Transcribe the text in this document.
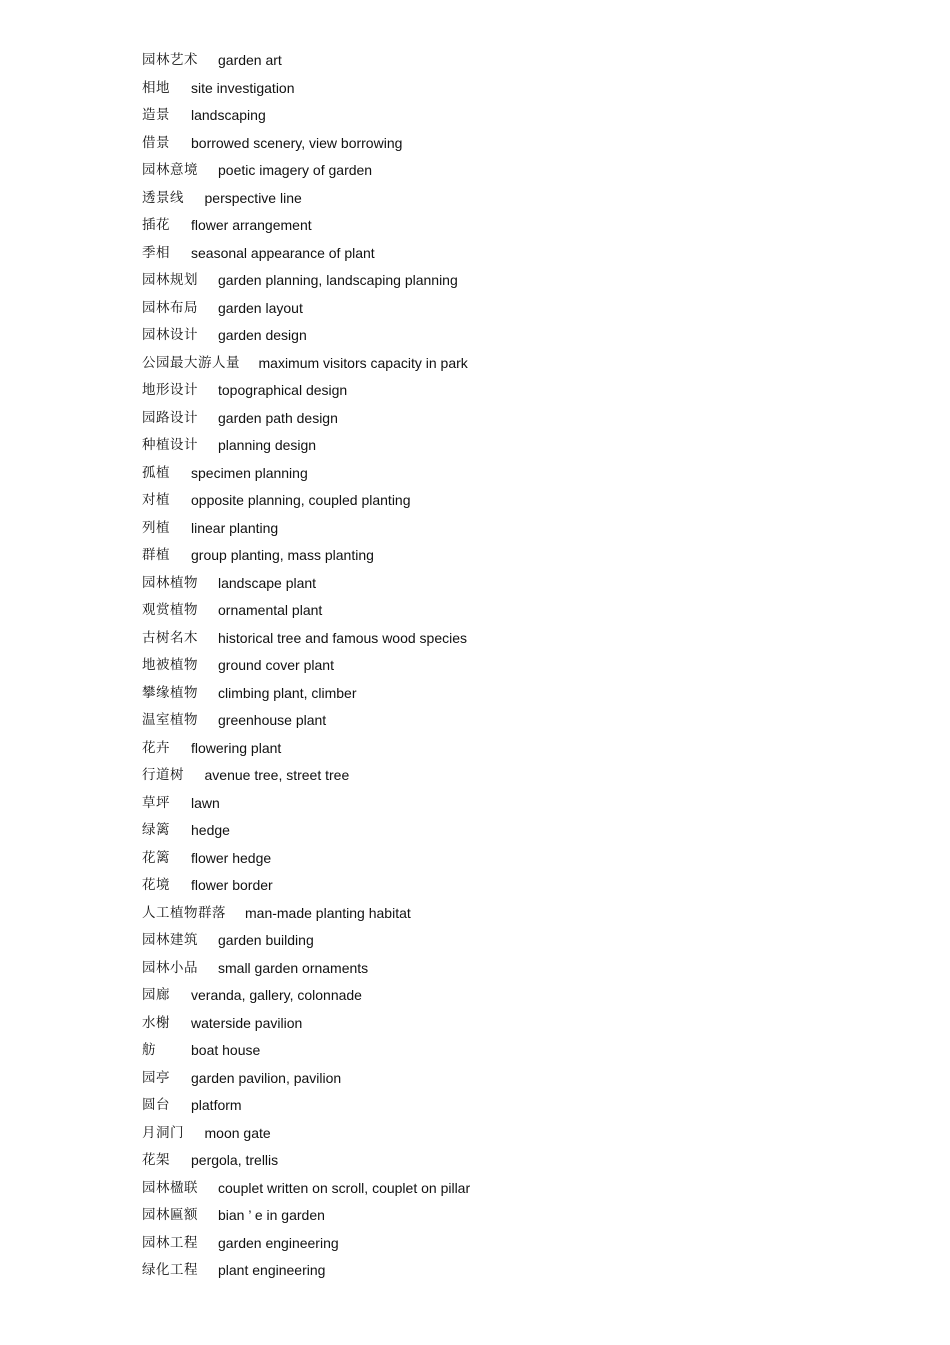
园林艺术 garden art
相地 site investigation
造景 landscaping
借景 borrowed scenery, view borrowing
园林意境 poetic imagery of garden
透景线 perspective line
插花 flower arrangement
季相 seasonal appearance of plant
园林规划 garden planning, landscaping planning
园林布局 garden layout
园林设计 garden design
公园最大游人量 maximum visitors capacity in park
地形设计 topographical design
园路设计 garden path design
种植设计 planning design
孤植 specimen planning
对植 opposite planning, coupled planting
列植 linear planting
群植 group planting, mass planting
园林植物 landscape plant
观赏植物 ornamental plant
古树名木 historical tree and famous wood species
地被植物 ground cover plant
攀缘植物 climbing plant, climber
温室植物 greenhouse plant
花卉 flowering plant
行道树 avenue tree, street tree
草坪 lawn
绿篱 hedge
花篱 flower hedge
花境 flower border
人工植物群落 man-made planting habitat
园林建筑 garden building
园林小品 small garden ornaments
园廊 veranda, gallery, colonnade
水榭 waterside pavilion
舫	boat house
园亭 garden pavilion, pavilion
圆台 platform
月洞门 moon gate
花架 pergola, trellis
园林楹联 couplet written on scroll, couplet on pillar
园林匾额 bian ’ e in garden
园林工程 garden engineering
绿化工程 plant engineering
